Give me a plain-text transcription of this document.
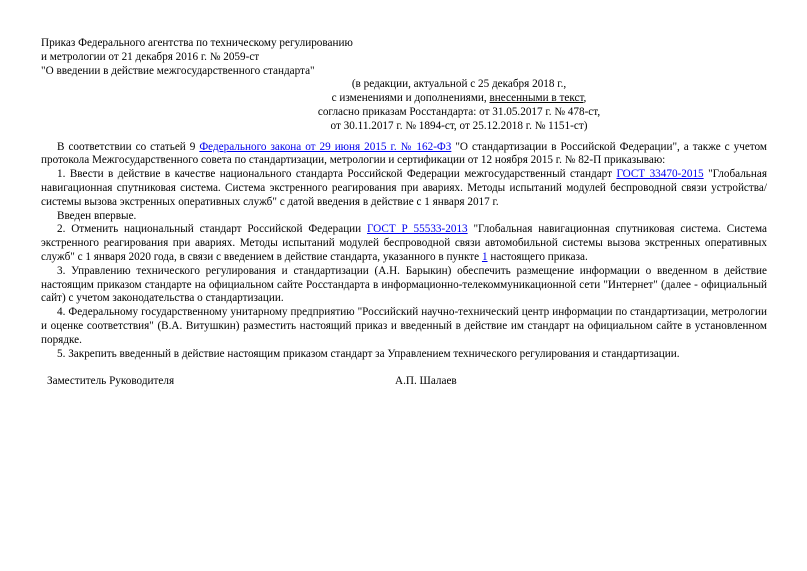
Приказ Федерального агентства по техническому регулированию
и метрологии от 21 декабря 2016 г. № 2059-ст
"О введении в действие межгосударственного стандарта"
(в редакции, актуальной с 25 декабря 2018 г.,
с изменениями и дополнениями, внесенными в текст,
согласно приказам Росстандарта: от 31.05.2017 г. № 478-ст,
от 30.11.2017 г. № 1894-ст, от 25.12.2018 г. № 1151-ст)

В соответствии со статьей 9 Федерального закона от 29 июня 2015 г. № 162-ФЗ "О стандартизации в Российской Федерации", а также с учетом протокола Межгосударственного совета по стандартизации, метрологии и сертификации от 12 ноября 2015 г. № 82-П приказываю:

1. Ввести в действие в качестве национального стандарта Российской Федерации межгосударственный стандарт ГОСТ 33470-2015 "Глобальная навигационная спутниковая система. Система экстренного реагирования при авариях. Методы испытаний модулей беспроводной связи устройства/системы вызова экстренных оперативных служб" с датой введения в действие с 1 января 2017 г.

Введен впервые.

2. Отменить национальный стандарт Российской Федерации ГОСТ Р 55533-2013 "Глобальная навигационная спутниковая система. Система экстренного реагирования при авариях. Методы испытаний модулей беспроводной связи автомобильной системы вызова экстренных оперативных служб" с 1 января 2020 года, в связи с введением в действие стандарта, указанного в пункте 1 настоящего приказа.

3. Управлению технического регулирования и стандартизации (А.Н. Барыкин) обеспечить размещение информации о введенном в действие настоящим приказом стандарте на официальном сайте Росстандарта в информационно-телекоммуникационной сети "Интернет" (далее - официальный сайт) с учетом законодательства о стандартизации.

4. Федеральному государственному унитарному предприятию "Российский научно-технический центр информации по стандартизации, метрологии и оценке соответствия" (В.А. Витушкин) разместить настоящий приказ и введенный в действие им стандарт на официальном сайте в установленном порядке.

5. Закрепить введенный в действие настоящим приказом стандарт за Управлением технического регулирования и стандартизации.

Заместитель Руководителя	А.П. Шалаев
